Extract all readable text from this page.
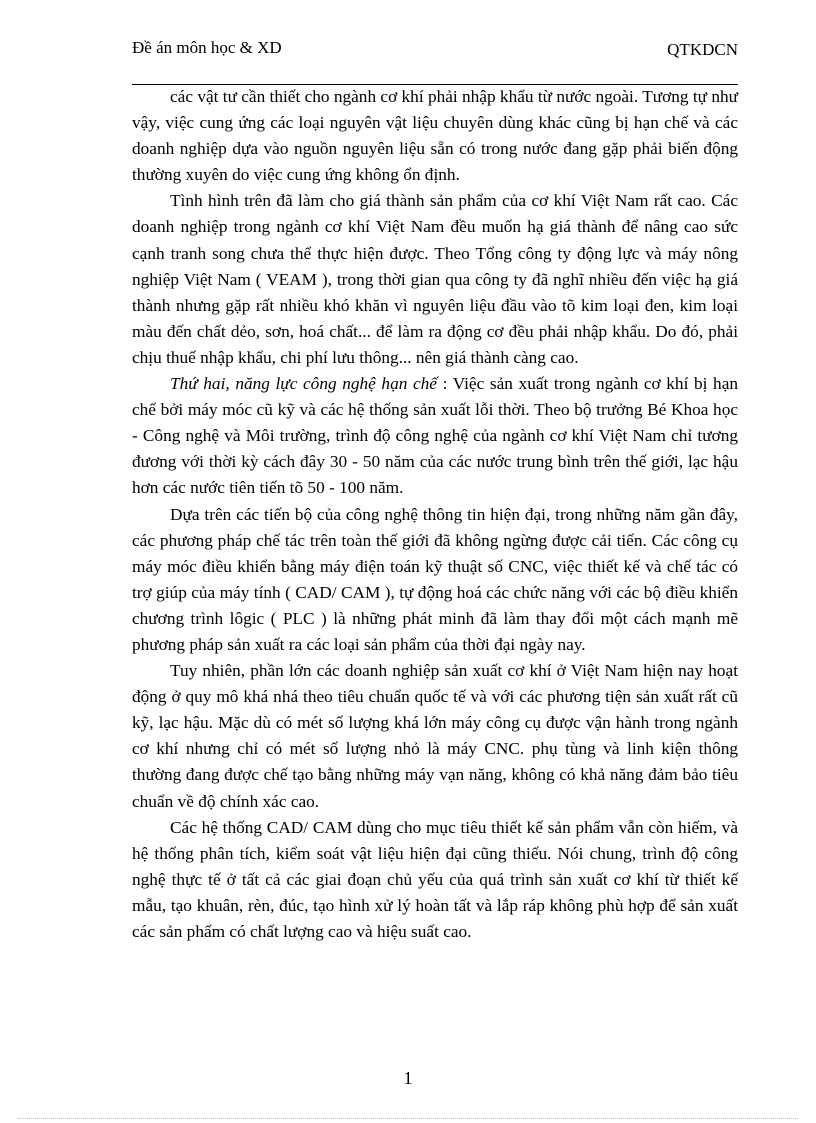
Đề án môn học & XD	QTKDCN

các vật tư cần thiết cho ngành cơ khí phải nhập khẩu từ nước ngoài. Tương tự như vậy, việc cung ứng các loại nguyên vật liệu chuyên dùng khác cũng bị hạn chế và các doanh nghiệp dựa vào nguồn nguyên liệu sẵn có trong nước đang gặp phải biến động thường xuyên do việc cung ứng không ổn định.

Tình hình trên đã làm cho giá thành sản phẩm của cơ khí Việt Nam rất cao. Các doanh nghiệp trong ngành cơ khí Việt Nam đều muốn hạ giá thành để nâng cao sức cạnh tranh song chưa thể thực hiện được. Theo Tổng công ty động lực và máy nông nghiệp Việt Nam ( VEAM ), trong thời gian qua công ty đã nghĩ nhiều đến việc hạ giá thành nhưng gặp rất nhiều khó khăn vì nguyên liệu đầu vào tõ kim loại đen, kim loại màu đến chất dẻo, sơn, hoá chất... để làm ra động cơ đều phải nhập khẩu. Do đó, phải chịu thuế nhập khẩu, chi phí lưu thông... nên giá thành càng cao.

Thứ hai, năng lực công nghệ hạn chế : Việc sản xuất trong ngành cơ khí bị hạn chế bởi máy móc cũ kỹ và các hệ thống sản xuất lỗi thời. Theo bộ trưởng Bé Khoa học - Công nghệ và Môi trường, trình độ công nghệ của ngành cơ khí Việt Nam chỉ tương đương với thời kỳ cách đây 30 - 50 năm của các nước trung bình trên thế giới, lạc hậu hơn các nước tiên tiến tõ 50 - 100 năm.

Dựa trên các tiến bộ của công nghệ thông tin hiện đại, trong những năm gần đây, các phương pháp chế tác trên toàn thế giới đã không ngừng được cải tiến. Các công cụ máy móc điều khiển bằng máy điện toán kỹ thuật số CNC, việc thiết kế và chế tác có trợ giúp của máy tính ( CAD/ CAM ), tự động hoá các chức năng với các bộ điều khiển chương trình lôgic ( PLC ) là những phát minh đã làm thay đổi một cách mạnh mẽ phương pháp sản xuất ra các loại sản phẩm của thời đại ngày nay.

Tuy nhiên, phần lớn các doanh nghiệp sản xuất cơ khí ở Việt Nam hiện nay hoạt động ở quy mô khá nhá theo tiêu chuẩn quốc tế và với các phương tiện sản xuất rất cũ kỹ, lạc hậu. Mặc dù có mét số lượng khá lớn máy công cụ được vận hành trong ngành cơ khí nhưng chỉ có mét số lượng nhỏ là máy CNC. phụ tùng và linh kiện thông thường đang được chế tạo bằng những máy vạn năng, không có khả năng đảm bảo tiêu chuẩn về độ chính xác cao.

Các hệ thống CAD/ CAM dùng cho mục tiêu thiết kế sản phẩm vẫn còn hiếm, và hệ thống phân tích, kiểm soát vật liệu hiện đại cũng thiếu. Nói chung, trình độ công nghệ thực tế ở tất cả các giai đoạn chủ yếu của quá trình sản xuất cơ khí từ thiết kế mẫu, tạo khuân, rèn, đúc, tạo hình xử lý hoàn tất và lắp ráp không phù hợp để sản xuất các sản phẩm có chất lượng cao và hiệu suất cao.

1
